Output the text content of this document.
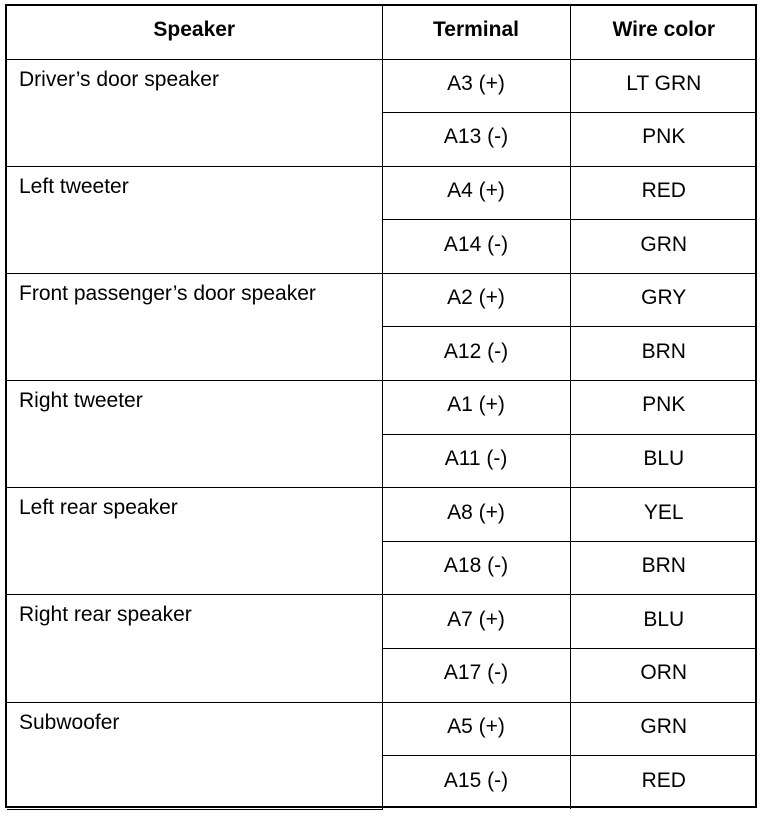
Speaker	Terminal	Wire color
Driver’s door speaker	A3 (+)	LT GRN
	A13 (-)	PNK
Left tweeter	A4 (+)	RED
	A14 (-)	GRN
Front passenger’s door speaker	A2 (+)	GRY
	A12 (-)	BRN
Right tweeter	A1 (+)	PNK
	A11 (-)	BLU
Left rear speaker	A8 (+)	YEL
	A18 (-)	BRN
Right rear speaker	A7 (+)	BLU
	A17 (-)	ORN
Subwoofer	A5 (+)	GRN
	A15 (-)	RED
